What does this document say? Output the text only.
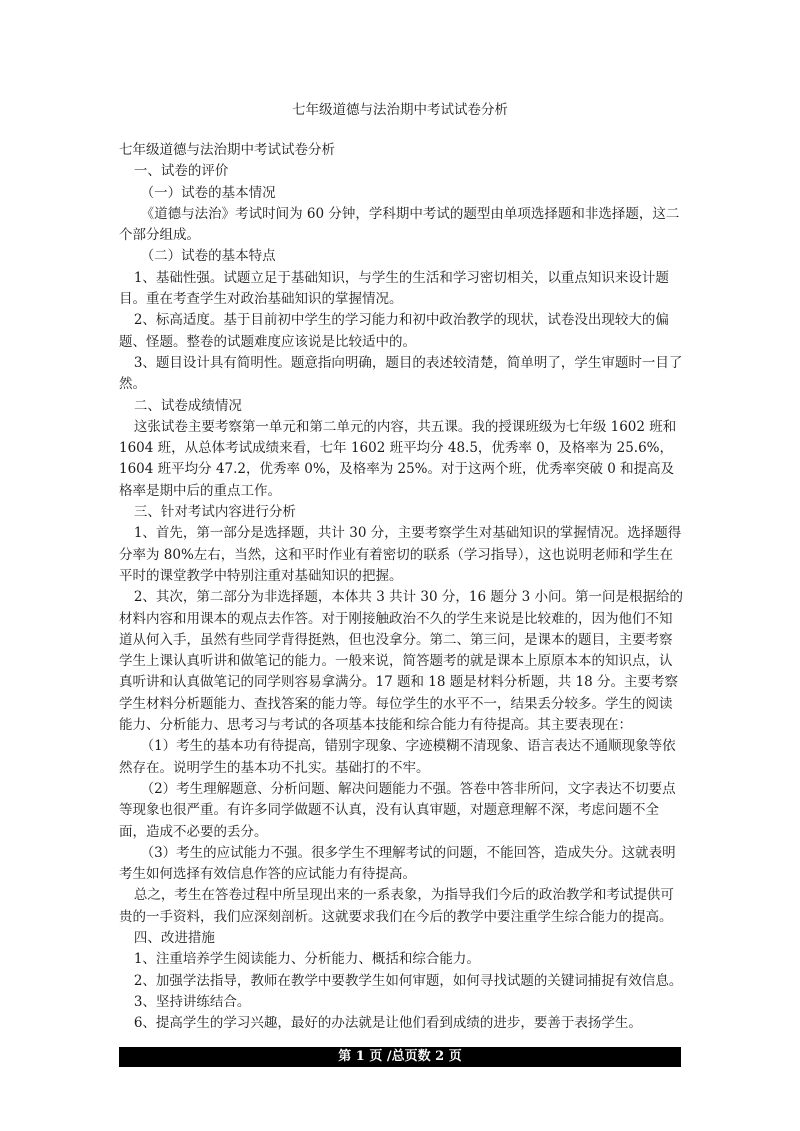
七年级道德与法治期中考试试卷分析

七年级道德与法治期中考试试卷分析

一、试卷的评价

（一）试卷的基本情况

《道德与法治》考试时间为 60 分钟，学科期中考试的题型由单项选择题和非选择题，这二个部分组成。

（二）试卷的基本特点

1、基础性强。试题立足于基础知识，与学生的生活和学习密切相关，以重点知识来设计题目。重在考查学生对政治基础知识的掌握情况。

2、标高适度。基于目前初中学生的学习能力和初中政治教学的现状，试卷没出现较大的偏题、怪题。整卷的试题难度应该说是比较适中的。

3、题目设计具有简明性。题意指向明确，题目的表述较清楚，简单明了，学生审题时一目了然。

二、试卷成绩情况

这张试卷主要考察第一单元和第二单元的内容，共五课。我的授课班级为七年级 1602 班和 1604 班，从总体考试成绩来看，七年 1602 班平均分 48.5，优秀率 0，及格率为 25.6%，1604 班平均分 47.2，优秀率 0%，及格率为 25%。对于这两个班，优秀率突破 0 和提高及格率是期中后的重点工作。

三、针对考试内容进行分析

1、首先，第一部分是选择题，共计 30 分，主要考察学生对基础知识的掌握情况。选择题得分率为 80%左右，当然，这和平时作业有着密切的联系（学习指导），这也说明老师和学生在平时的课堂教学中特别注重对基础知识的把握。

2、其次，第二部分为非选择题，本体共 3 共计 30 分，16 题分 3 小问。第一问是根据给的材料内容和用课本的观点去作答。对于刚接触政治不久的学生来说是比较难的，因为他们不知道从何入手，虽然有些同学背得挺熟，但也没拿分。第二、第三问，是课本的题目，主要考察学生上课认真听讲和做笔记的能力。一般来说，简答题考的就是课本上原原本本的知识点，认真听讲和认真做笔记的同学则容易拿满分。17 题和 18 题是材料分析题，共 18 分。主要考察学生材料分析题能力、查找答案的能力等。每位学生的水平不一，结果丢分较多。学生的阅读能力、分析能力、思考习与考试的各项基本技能和综合能力有待提高。其主要表现在：

（1）考生的基本功有待提高，错别字现象、字迹模糊不清现象、语言表达不通顺现象等依然存在。说明学生的基本功不扎实。基础打的不牢。

（2）考生理解题意、分析问题、解决问题能力不强。答卷中答非所问，文字表达不切要点等现象也很严重。有许多同学做题不认真，没有认真审题，对题意理解不深，考虑问题不全面，造成不必要的丢分。

（3）考生的应试能力不强。很多学生不理解考试的问题，不能回答，造成失分。这就表明考生如何选择有效信息作答的应试能力有待提高。

总之，考生在答卷过程中所呈现出来的一系表象，为指导我们今后的政治教学和考试提供可贵的一手资料，我们应深刻剖析。这就要求我们在今后的教学中要注重学生综合能力的提高。

四、改进措施

1、注重培养学生阅读能力、分析能力、概括和综合能力。

2、加强学法指导，教师在教学中要教学生如何审题，如何寻找试题的关键词捕捉有效信息。

3、坚持讲练结合。

6、提高学生的学习兴趣，最好的办法就是让他们看到成绩的进步，要善于表扬学生。

第 1 页 /总页数 2 页
